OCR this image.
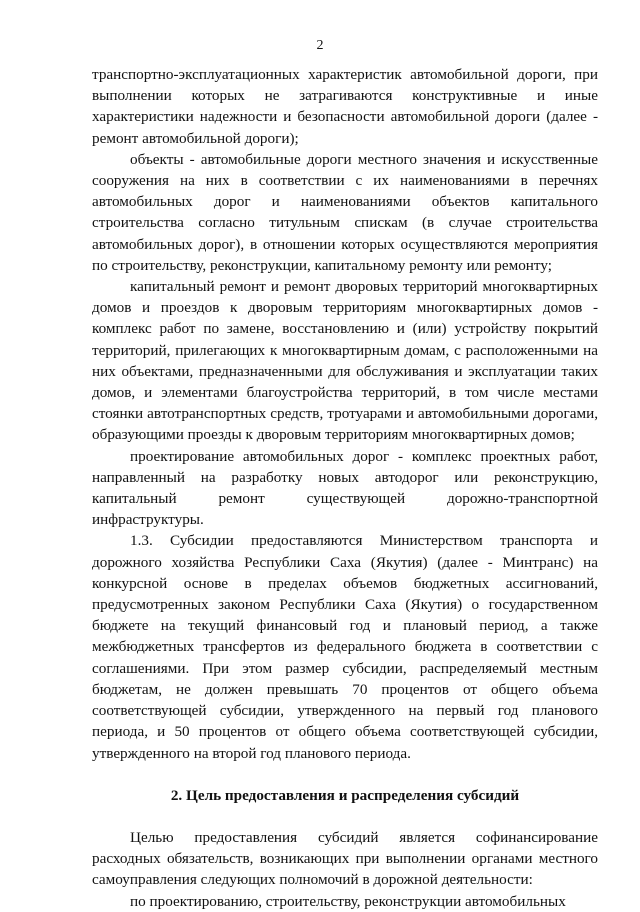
2

транспортно-эксплуатационных характеристик автомобильной дороги, при выполнении которых не затрагиваются конструктивные и иные характеристики надежности и безопасности автомобильной дороги (далее - ремонт автомобильной дороги);

объекты - автомобильные дороги местного значения и искусственные сооружения на них в соответствии с их наименованиями в перечнях автомобильных дорог и наименованиями объектов капитального строительства согласно титульным спискам (в случае строительства автомобильных дорог), в отношении которых осуществляются мероприятия по строительству, реконструкции, капитальному ремонту или ремонту;

капитальный ремонт и ремонт дворовых территорий многоквартирных домов и проездов к дворовым территориям многоквартирных домов - комплекс работ по замене, восстановлению и (или) устройству покрытий территорий, прилегающих к многоквартирным домам, с расположенными на них объектами, предназначенными для обслуживания и эксплуатации таких домов, и элементами благоустройства территорий, в том числе местами стоянки автотранспортных средств, тротуарами и автомобильными дорогами, образующими проезды к дворовым территориям многоквартирных домов;

проектирование автомобильных дорог - комплекс проектных работ, направленный на разработку новых автодорог или реконструкцию, капитальный ремонт существующей дорожно-транспортной инфраструктуры.

1.3. Субсидии предоставляются Министерством транспорта и дорожного хозяйства Республики Саха (Якутия) (далее - Минтранс) на конкурсной основе в пределах объемов бюджетных ассигнований, предусмотренных законом Республики Саха (Якутия) о государственном бюджете на текущий финансовый год и плановый период, а также межбюджетных трансфертов из федерального бюджета в соответствии с соглашениями. При этом размер субсидии, распределяемый местным бюджетам, не должен превышать 70 процентов от общего объема соответствующей субсидии, утвержденного на первый год планового периода, и 50 процентов от общего объема соответствующей субсидии, утвержденного на второй год планового периода.

2. Цель предоставления и распределения субсидий

Целью предоставления субсидий является софинансирование расходных обязательств, возникающих при выполнении органами местного самоуправления следующих полномочий в дорожной деятельности:

по проектированию, строительству, реконструкции автомобильных
